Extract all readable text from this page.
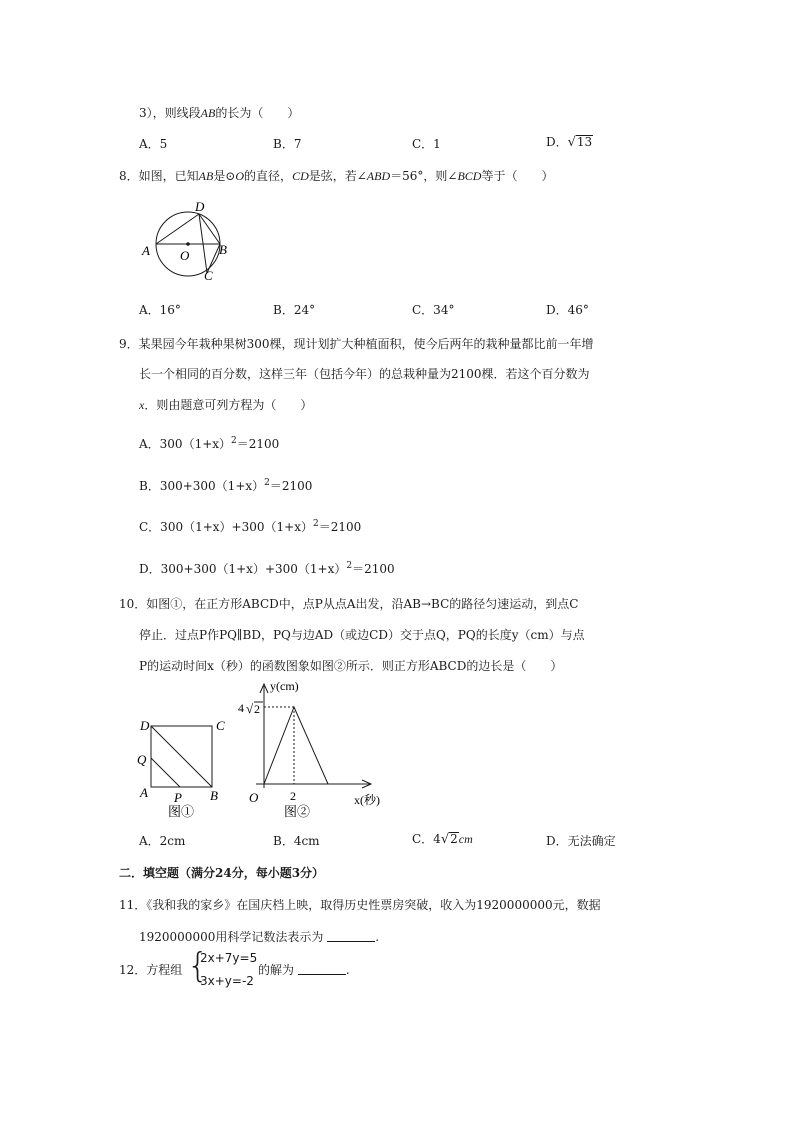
3），则线段AB的长为（　　）
A．5	B．7	C．1	D．√13
8．如图，已知AB是⊙O的直径，CD是弦，若∠ABD＝56°，则∠BCD等于（　　）
D
A O B
C
A．16°	B．24°	C．34°	D．46°
9．某果园今年栽种果树300棵，现计划扩大种植面积，使今后两年的栽种量都比前一年增
长一个相同的百分数，这样三年（包括今年）的总栽种量为2100棵．若这个百分数为
x．则由题意可列方程为（　　）
A．$300(1+x)^2=2100$
B．$300+300(1+x)^2=2100$
C．$300(1+x)+300(1+x)^2=2100$
D．$300+300(1+x)+300(1+x)^2=2100$
10．如图①，在正方形ABCD中，点P从点A出发，沿AB→BC的路径匀速运动，到点C
停止．过点P作PQ∥BD，PQ与边AD（或边CD）交于点Q，PQ的长度y（cm）与点
P的运动时间x（秒）的函数图象如图②所示．则正方形ABCD的边长是（　　）
D	C
Q
A P B
图①
y(cm)
4 √ 2
O	2	x(秒)
图②
A．2cm	B．4cm	C．4√2cm	D．无法确定
二．填空题（满分24分，每小题3分）
11．《我和我的家乡》在国庆档上映，取得历史性票房突破，收入为1920000000元，数据
1920000000用科学记数法表示为	.
12．方程组 {
2x+7y=5
3x+y=-2
的解为	.
